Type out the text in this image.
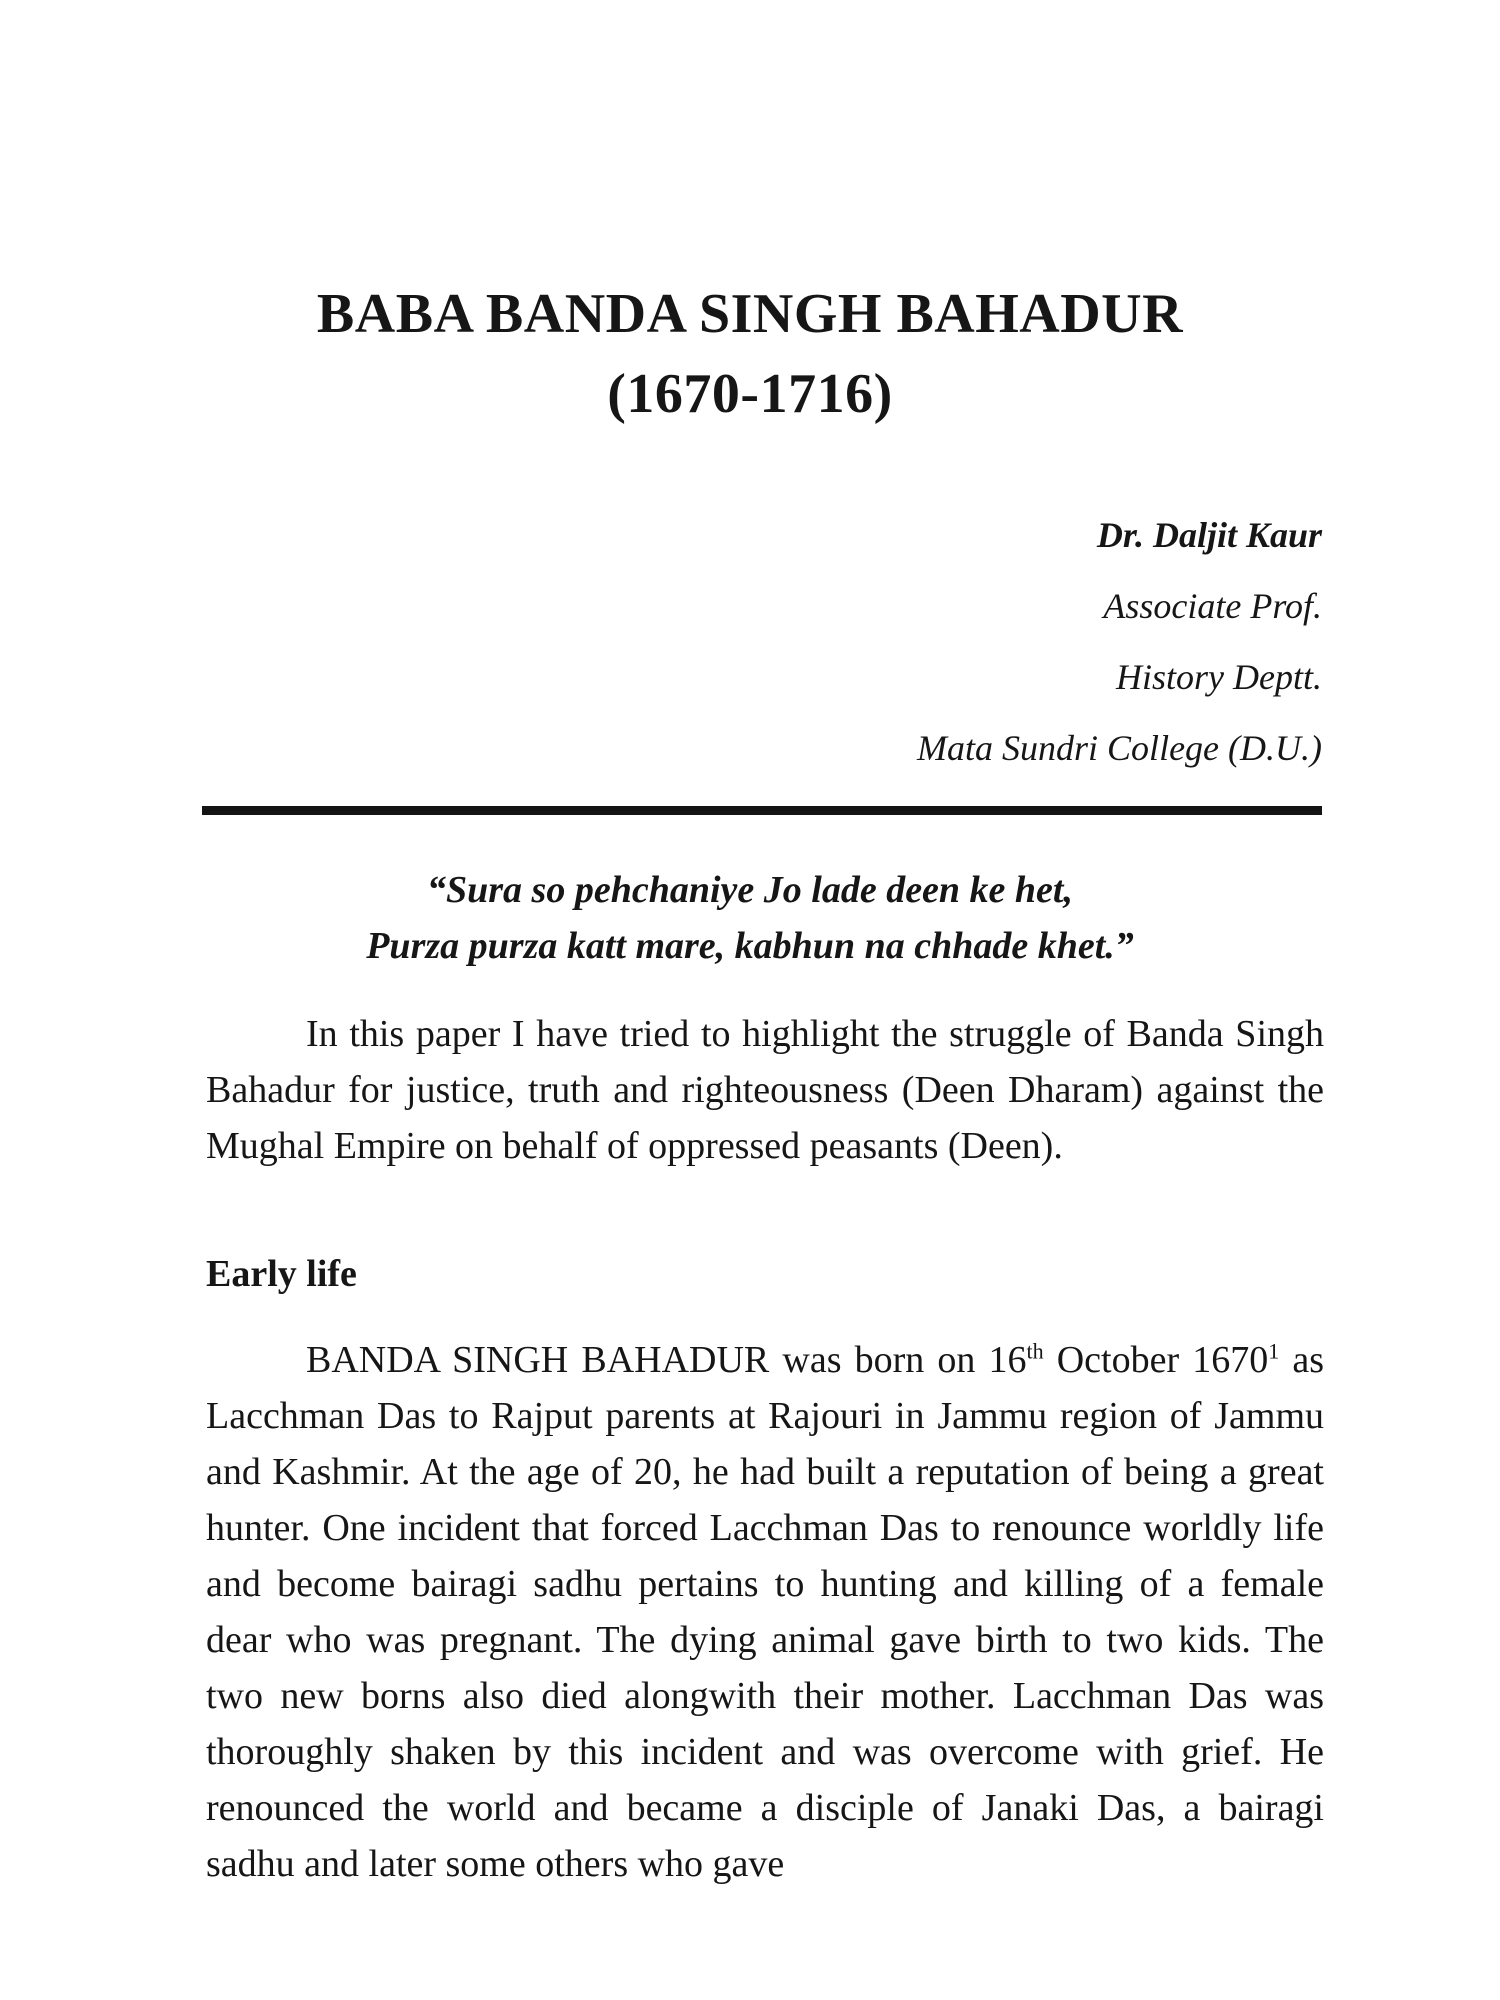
BABA BANDA SINGH BAHADUR
(1670-1716)
Dr. Daljit Kaur
Associate Prof.
History Deptt.
Mata Sundri College (D.U.)
“Sura so pehchaniye Jo lade deen ke het,
Purza purza katt mare, kabhun na chhade khet.”

In this paper I have tried to highlight the struggle of Banda Singh Bahadur for justice, truth and righteousness (Deen Dharam) against the Mughal Empire on behalf of oppressed peasants (Deen).

Early life

BANDA SINGH BAHADUR was born on 16th October 1670$^1$ as Lacchman Das to Rajput parents at Rajouri in Jammu region of Jammu and Kashmir. At the age of 20, he had built a reputation of being a great hunter. One incident that forced Lacchman Das to renounce worldly life and become bairagi sadhu pertains to hunting and killing of a female dear who was pregnant. The dying animal gave birth to two kids. The two new borns also died alongwith their mother. Lacchman Das was thoroughly shaken by this incident and was overcome with grief. He renounced the world and became a disciple of Janaki Das, a bairagi sadhu and later some others who gave
